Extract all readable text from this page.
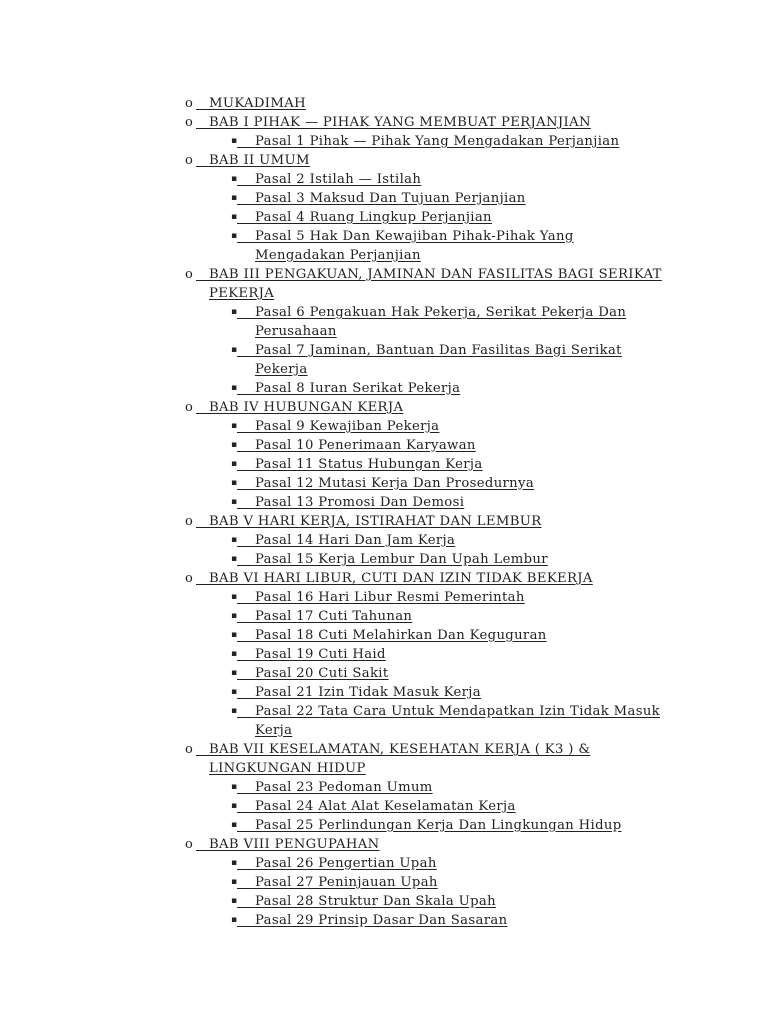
o MUKADIMAH
o BAB I PIHAK — PIHAK YANG MEMBUAT PERJANJIAN
▪ Pasal 1 Pihak — Pihak Yang Mengadakan Perjanjian
o BAB II UMUM
▪ Pasal 2 Istilah — Istilah
▪ Pasal 3 Maksud Dan Tujuan Perjanjian
▪ Pasal 4 Ruang Lingkup Perjanjian
▪ Pasal 5 Hak Dan Kewajiban Pihak-Pihak Yang Mengadakan Perjanjian
o BAB III PENGAKUAN, JAMINAN DAN FASILITAS BAGI SERIKAT PEKERJA
▪ Pasal 6 Pengakuan Hak Pekerja, Serikat Pekerja Dan Perusahaan
▪ Pasal 7 Jaminan, Bantuan Dan Fasilitas Bagi Serikat Pekerja
▪ Pasal 8 Iuran Serikat Pekerja
o BAB IV HUBUNGAN KERJA
▪ Pasal 9 Kewajiban Pekerja
▪ Pasal 10 Penerimaan Karyawan
▪ Pasal 11 Status Hubungan Kerja
▪ Pasal 12 Mutasi Kerja Dan Prosedurnya
▪ Pasal 13 Promosi Dan Demosi
o BAB V HARI KERJA, ISTIRAHAT DAN LEMBUR
▪ Pasal 14 Hari Dan Jam Kerja
▪ Pasal 15 Kerja Lembur Dan Upah Lembur
o BAB VI HARI LIBUR, CUTI DAN IZIN TIDAK BEKERJA
▪ Pasal 16 Hari Libur Resmi Pemerintah
▪ Pasal 17 Cuti Tahunan
▪ Pasal 18 Cuti Melahirkan Dan Keguguran
▪ Pasal 19 Cuti Haid
▪ Pasal 20 Cuti Sakit
▪ Pasal 21 Izin Tidak Masuk Kerja
▪ Pasal 22 Tata Cara Untuk Mendapatkan Izin Tidak Masuk Kerja
o BAB VII KESELAMATAN, KESEHATAN KERJA ( K3 ) & LINGKUNGAN HIDUP
▪ Pasal 23 Pedoman Umum
▪ Pasal 24 Alat Alat Keselamatan Kerja
▪ Pasal 25 Perlindungan Kerja Dan Lingkungan Hidup
o BAB VIII PENGUPAHAN
▪ Pasal 26 Pengertian Upah
▪ Pasal 27 Peninjauan Upah
▪ Pasal 28 Struktur Dan Skala Upah
▪ Pasal 29 Prinsip Dasar Dan Sasaran
